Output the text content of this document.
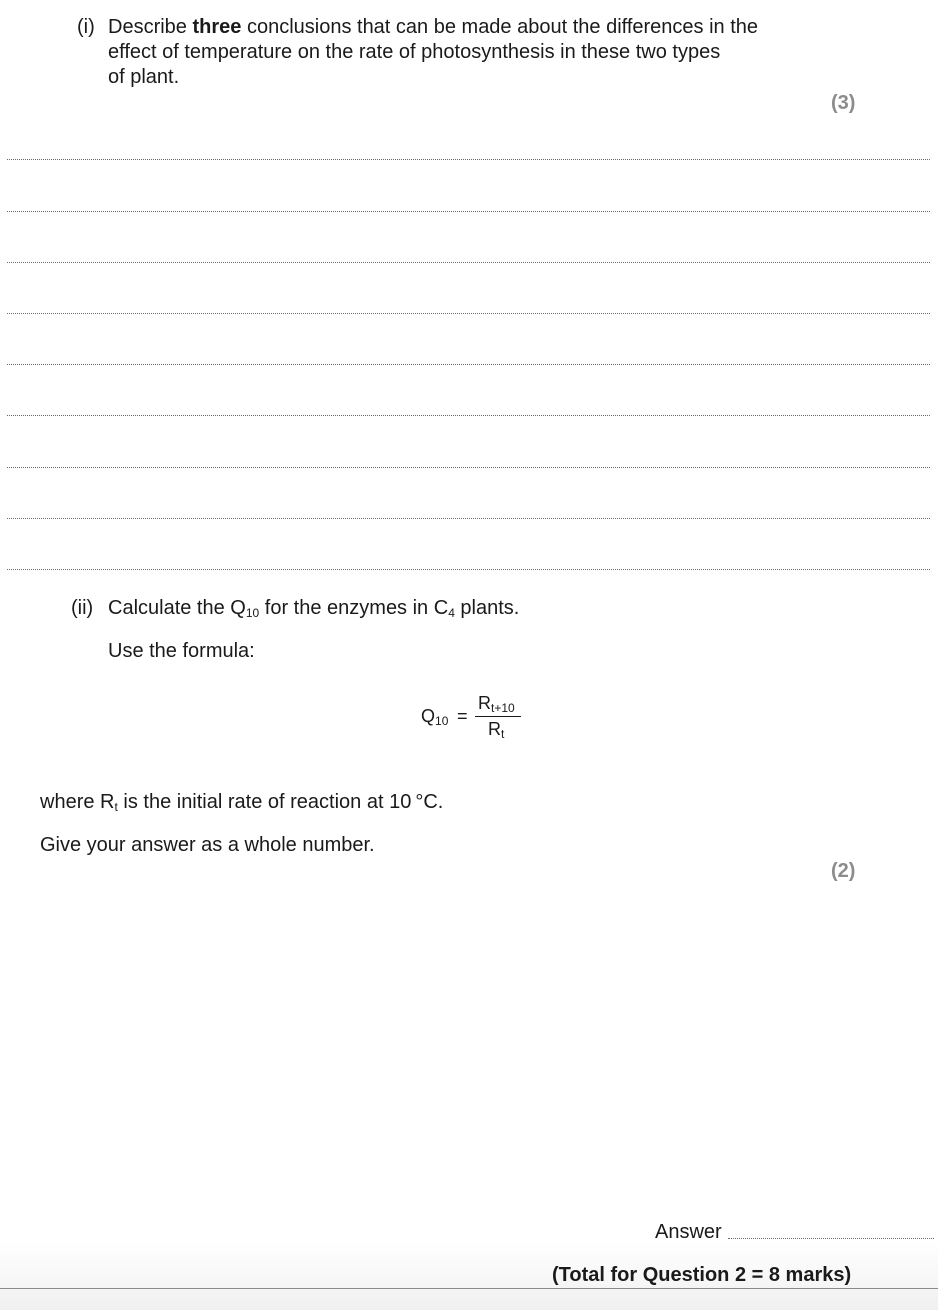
(i) Describe three conclusions that can be made about the differences in the
effect of temperature on the rate of photosynthesis in these two types
of plant.
(3)
(ii) Calculate the $Q_{10}$ for the enzymes in $C_4$ plants.
Use the formula:
$Q_{10}$ =
$R_{t+10}$
$R_t$
where $R_t$ is the initial rate of reaction at 10 °C.
Give your answer as a whole number.
(2)
Answer
(Total for Question 2 = 8 marks)
